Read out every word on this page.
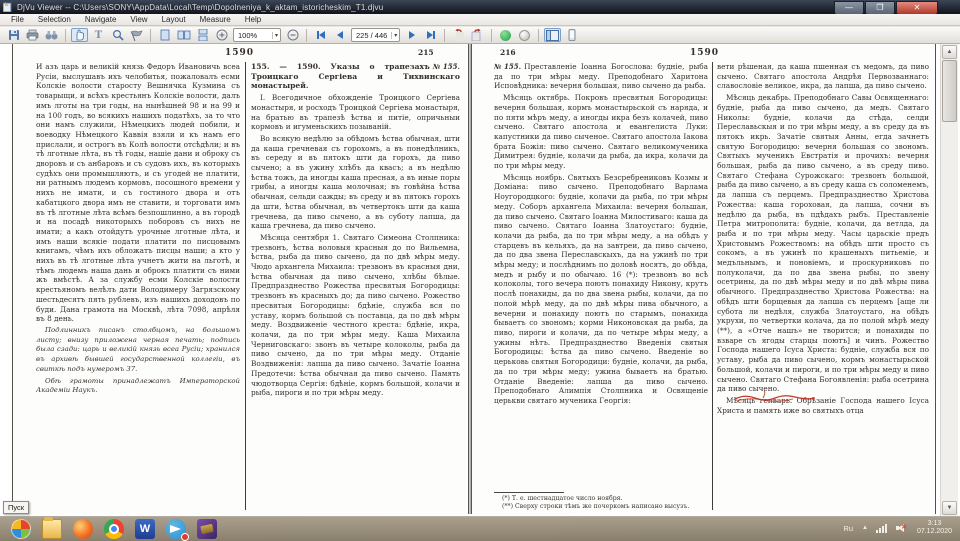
DjVu Viewer -- C:\Users\SONY\AppData\Local\Temp\Dopolneniya_k_aktam_istoricheskim_T1.djvu	—	❐	✕
File	Selection	Navigate	View	Layout	Measure	Help
T	100%	▾	225 / 446	▾
1590	215

И азъ царь и великій князь Федоръ Ивановичь всеа Русіи, выслушавъ ихъ челобитья, пожаловалъ есми Колскіе волости старосту Вешнячка Кузмина съ товарыщи, и всѣхъ крестьянъ Колскіе волости, далъ имъ лготы на три годы, на нынѣшней 98 и на 99 и на 100 годъ, во всякихъ нашихъ податѣхъ, за то что они намъ служили, Нѣмецкихъ людей побили, и воеводку Нѣмецкого Каввія взяли и къ намъ его прислали, и острогъ въ Колѣ волости отсѣдѣли; и въ тѣ лготные лѣта, въ тѣ годы, нашіе дани и оброку съ дворовъ и съ анбаровъ и съ судовъ ихъ, въ которыхъ судѣхъ они промышляютъ, и съ угодей не платити, ни ратнымъ людемъ кормовъ, посошного времени у нихъ не имати, и съ гостиного двора и отъ кабатцкого двора имъ не ставити, и торговати имъ въ тѣ лготные лѣта всѣмъ безпошлинно, а въ городѣ и на посадѣ никоторыхъ поборовъ съ нихъ не имати; а какъ отойдутъ урочные лготные лѣта, и имъ наши всякіе подати платити по писцовымъ книгамъ, чѣмъ ихъ обложатъ писцы наши; а кто у нихъ въ тѣ лготные лѣта учнетъ жити на льготѣ, и тѣмъ людемъ наша дань и оброкъ платити съ ними жъ вмѣстѣ. А за службу есми Колскіе волости крестьяномъ велѣлъ дати Володимеру Загрязскому шестьдесятъ пять рублевъ, изъ нашихъ доходовъ по буди. Дана грамота на Москвѣ, лѣта 7098, апрѣля въ 8 день.

Подлинникъ писанъ столбцомъ, на большомъ листу; внизу приложена черная печать; подпись была сзади: царь и великій князь всеа Русіи; хранился въ архивѣ бывшей государственной коллегіи, въ свиткѣ подъ нумеромъ 37.

Обѣ грамоты принадлежатъ Императорской Академіи Наукъ.

№ 155.
155. — 1590. Указы о трапезахъ Троицкаго Сергіева и Тихвинскаго монастырей.

I. Всегодичное обхожденіе Троицкого Сергіева монастыря, и росходъ Троицкой Сергіева монастыря, на братью въ трапезѣ ѣства и питіе, опричьныи кормовъ и игуменьскихъ позываній.

Во всякую недѣлю за обѣдомъ ѣства обычная, шти да каша гречневая съ горохомъ, а въ понедѣлникъ, въ середу и въ пятокъ шти да горохъ, да пиво сычено; а въ ужину хлѣбъ да квасъ; а въ недѣлю ѣства тожъ, да иногды каша пресная, а въ иные поры грибы, а иногды каша молочная; въ говѣйна ѣства обычная, сельди сажды; въ среду и въ пятокъ горохъ да шти, ѣства обычная, въ четвертокъ шти да каша гречнева, да пиво сычено, а въ суботу лапша, да каша гречнева, да пиво сычено.

Мѣсяца сентября 1. Святаго Симеона Столпника: трезвонъ, ѣства воловыя красныя до по Вильемна, ѣства, рыба да пиво сычено, да по двѣ мѣры меду. Чюдо архангела Михаила: трезвонъ въ красныя дни, ѣства обычная да пиво сычено, хлѣбы бѣлые. Предпразднество Рожества пресвятыя Богородицы: трезвонъ въ красныхъ до; да пиво сычено. Рожество пресвятыя Богородицы: бдѣніе, служба вся по уставу, кормъ большой съ поставца, да по двѣ мѣры меду. Воздвиженіе честного креста: бдѣніе, икра, колачи, да по три мѣры меду. Каша Михаила Черниговскаго: звонъ въ четыре колоколы, рыба да пиво сычено, да по три мѣры меду. Отданіе Воздвиженія: лапша да пиво сычено. Зачатіе Іоанна Предотечи: ѣства обычная да пиво сычено. Память чюдотворца Сергія: бдѣніе, кормъ большой, колачи и рыба, пироги и по три мѣры меду.

216	1590

№ 155. Преставленіе Іоанна Богослова: будніе, рыба да по три мѣры меду. Преподобнаго Харитона Исповѣдника: вечерня большая, пиво сычено да рыба.

Мѣсяць октябрь. Покровъ пресвятыя Богородицы: вечерня большая, кормъ монастырьской съ наряда, и по пяти мѣръ меду, а иногды икра безъ колачей, пиво сычено. Святаго апостола и евангелиста Луки: капустники да пиво сыченое. Святаго апостола Іакова брата Божія: пиво сычено. Святаго великомученика Димитрея: будніе, колачи да рыба, да икра, колачи да по три мѣры меду.

Мѣсяць ноябрь. Святыхъ Безсребрениковъ Козмы и Доміана: пиво сычено. Преподобнаго Варлама Ноугородцкого: будніе, колачи да рыба, по три мѣры меду. Соборъ архангела Михаила: вечерня большая, да пиво сычено. Святаго Іоанна Милостиваго: каша да пиво сычено. Святаго Іоанна Златоустаго: будніе, колачи да рыба, да по три мѣры меду, а на обѣдъ у старцевъ въ кельяхъ, да на завтреи, да пиво сычено, да по два звена Переславскыхъ, да на ужинѣ по три мѣры меду; и послѣднимъ по доловѣ носятъ, до обѣда, медъ и рыбу и по обычаю. 16 (*): трезвонъ во всѣ колоколы, того вечера поютъ понахиду Никону, крутъ послѣ понахиды, да по два звена рыбы, колачи, да по полой мѣрѣ меду, да по двѣ мѣры пива обычного, а вечерни и понахиду поютъ по старымъ, понахида бываетъ со звономъ; корми Никоновская да рыба, да пиво, пироги и колачи, да по четыре мѣры меду, а ужины нѣтъ. Предпразднество Введенія святыя Богородицы: ѣства да пиво сычено. Введеніе во церьковь святыя Богородици: будніе, колачи, да рыба, да по три мѣры меду; ужина бываетъ на братью. Отданіе Введеніе: лапша да пиво сычено. Преподобнаго Алимпія Столпника и Освященіе церькви святаго мученика Георгія:

(*) Т. е. шестнадцатое число ноября.

(**) Сверху строки тѣмъ же почеркомъ написано высузъ.

вети рѣшеная, да каша пшенная съ медомъ, да пиво сычено. Святаго апостола Андрѣя Первозваннаго: славословіе великое, икра, да лапша, да пиво сычено.

Мѣсяць декабрь. Преподобнаго Савы Освященнаго: будніе, рыба да пиво сычено, да медъ. Святаго Николы: будніе, колачи да стѣда, селди Переславьскыя и по три мѣры меду, а въ среду да въ пятокъ икрь. Зачатіе святыя Анны, егда зачнетъ святую Богородицю: вечерня большая со звономъ. Святыхъ мученикъ Евстратія и прочихъ: вечерня большая, рыба да пиво сычено, а въ среду пиво. Святаго Стефана Сурожскаго: трезвонъ большой, рыба да пиво сычено, а въ среду каша съ соломенемъ, да лапша съ перцемъ. Предпразднество Христова Рожества: каша гороховая, да лапша, сочни въ недѣлю да рыба, въ пдѣдахъ рыбъ. Преставленіе Петра митрополита: будніе, колачи, да ветлда, да рыба и по три мѣры меду. Часы царьскіе предъ Христовымъ Рожествомъ: на обѣдъ шти просто съ сокомъ, а въ ужинѣ по крашеныхъ питьеміе, и медъльнымъ, и поновіемъ, и проскурниковъ по полуколачи, да по два звена рыбы, по звену осетрины, да по двѣ мѣры меду и по двѣ мѣры пива обычного. Предпразднество Христова Рожества: на обѣдъ шти борщевыя да лапша съ перцемъ [аще ли субота ли недѣля, служба Златоустаго, на обѣдъ укрухи, по четвертки колача, да по полой мѣрѣ меду (**), а «Отче нашъ» не творится; и понахиды по взваре съ ягоды старцы поютъ] и чинъ. Рожество Господа нашего Ісуса Христа: будніе, служба вся по уставу, рыба да пиво сычено, кормъ монастырьской большой, колачи и пироги, и по три мѣры меду и пиво сычено. Святаго Стефана Богоявленія: рыба осетрина да пиво сычено.

Мѣсяць генварь. Обрѣзаніе Господа нашего Ісуса Христа и память иже во святыхъ отца

▲
▼
Пуск
W	Ru	▲	✕
3:13
07.12.2020
